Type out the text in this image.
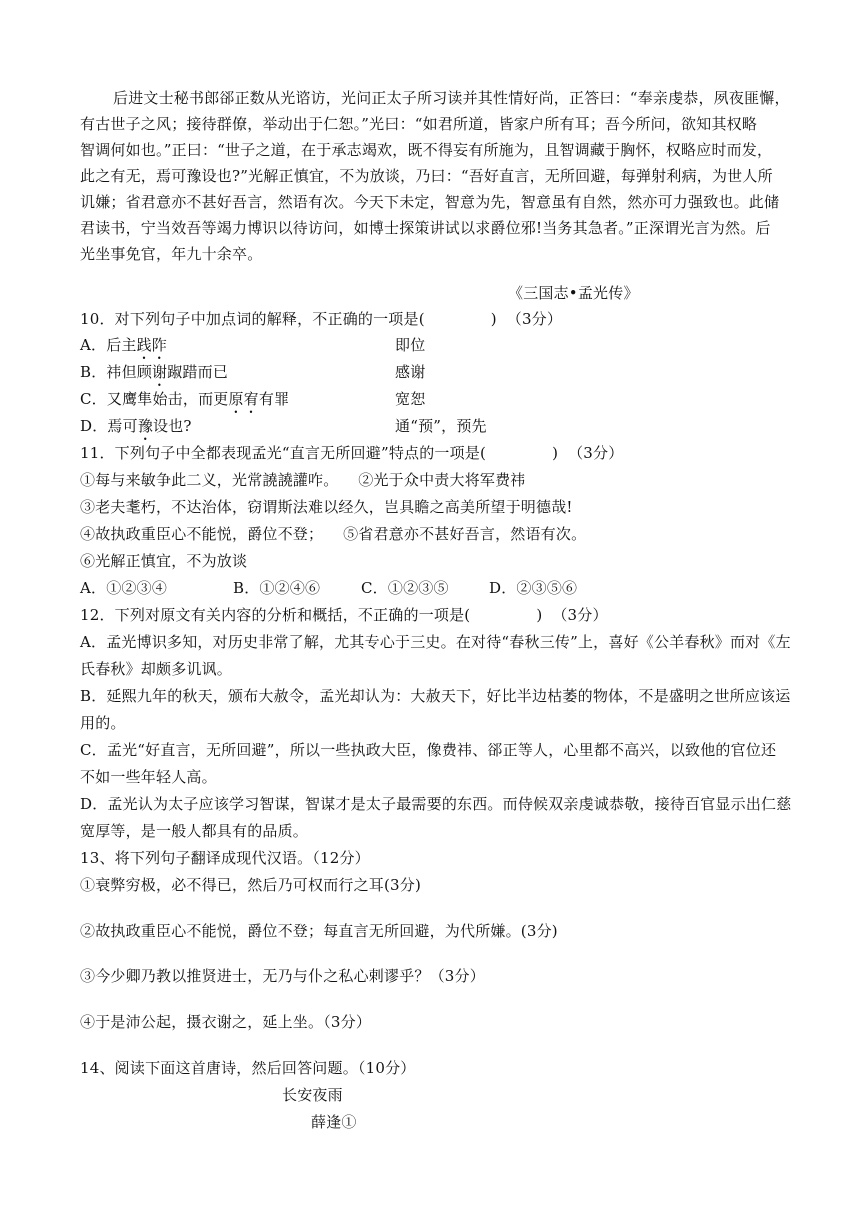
后进文士秘书郎郤正数从光谘访，光问正太子所习读并其性情好尚，正答曰：“奉亲虔恭，夙夜匪懈，
有古世子之风；接待群僚，举动出于仁恕。”光曰：“如君所道，皆家户所有耳；吾今所问，欲知其权略
智调何如也。”正曰：“世子之道，在于承志竭欢，既不得妄有所施为，且智调藏于胸怀，权略应时而发，
此之有无，焉可豫设也?”光解正慎宜，不为放谈，乃曰：“吾好直言，无所回避，每弹射利病，为世人所
讥嫌；省君意亦不甚好吾言，然语有次。今天下未定，智意为先，智意虽有自然，然亦可力强致也。此储
君读书，宁当效吾等竭力博识以待访问，如博士探策讲试以求爵位邪!当务其急者。”正深谓光言为然。后
光坐事免官，年九十余卒。
《三国志•孟光传》
10．对下列句子中加点词的解释，不正确的一项是(	)  （3分）
A．后主践阼	即位
B．祎但顾谢踧踖而已	感谢
C．又鹰隼始击，而更原宥有罪	宽恕
D．焉可豫设也?	通“预”，预先
11．下列句子中全都表现孟光“直言无所回避”特点的一项是(	)  （3分）
①每与来敏争此二义，光常譊譊讙咋。    ②光于众中责大将军费祎
③老夫耄朽，不达治体，窃谓斯法难以经久，岂具瞻之高美所望于明德哉!
④故执政重臣心不能悦，爵位不登；    ⑤省君意亦不甚好吾言，然语有次。
⑥光解正慎宜，不为放谈
A．①②③④	B．①②④⑥	C．①②③⑤	D．②③⑤⑥
12．下列对原文有关内容的分析和概括，不正确的一项是(	)  （3分）
A．孟光博识多知，对历史非常了解，尤其专心于三史。在对待“春秋三传”上，喜好《公羊春秋》而对《左
氏春秋》却颇多讥讽。
B．延熙九年的秋天，颁布大赦令，孟光却认为：大赦天下，好比半边枯萎的物体，不是盛明之世所应该运
用的。
C．孟光“好直言，无所回避”，所以一些执政大臣，像费祎、郤正等人，心里都不高兴，以致他的官位还
不如一些年轻人高。
D．孟光认为太子应该学习智谋，智谋才是太子最需要的东西。而侍候双亲虔诚恭敬，接待百官显示出仁慈
宽厚等，是一般人都具有的品质。
13、将下列句子翻译成现代汉语。（12分）
①衰弊穷极，必不得已，然后乃可权而行之耳(3分)
②故执政重臣心不能悦，爵位不登；每直言无所回避，为代所嫌。(3分)
③今少卿乃教以推贤进士，无乃与仆之私心剌谬乎？（3分）
④于是沛公起，摄衣谢之，延上坐。（3分）
14、阅读下面这首唐诗，然后回答问题。（10分）
长安夜雨
薛逢①
